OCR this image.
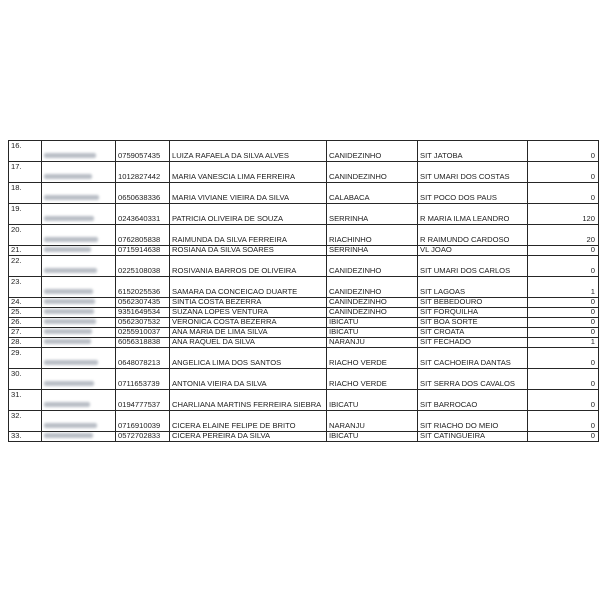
16.		0759057435	LUIZA RAFAELA DA SILVA ALVES	CANIDEZINHO	SIT JATOBA	0
17.		1012827442	MARIA VANESCIA LIMA FERREIRA	CANINDEZINHO	SIT UMARI DOS COSTAS	0
18.		0650638336	MARIA VIVIANE VIEIRA DA SILVA	CALABACA	SIT POCO DOS PAUS	0
19.		0243640331	PATRICIA OLIVEIRA DE SOUZA	SERRINHA	R MARIA ILMA LEANDRO	120
20.		0762805838	RAIMUNDA DA SILVA FERREIRA	RIACHINHO	R RAIMUNDO CARDOSO	20
21.		0715914638	ROSIANA DA SILVA SOARES	SERRINHA	VL JOAO	0
22.		0225108038	ROSIVANIA BARROS DE OLIVEIRA	CANIDEZINHO	SIT UMARI DOS CARLOS	0
23.		6152025536	SAMARA DA CONCEICAO DUARTE	CANIDEZINHO	SIT LAGOAS	1
24.		0562307435	SINTIA COSTA BEZERRA	CANINDEZINHO	SIT BEBEDOURO	0
25.		9351649534	SUZANA LOPES VENTURA	CANINDEZINHO	SIT FORQUILHA	0
26.		0562307532	VERONICA COSTA BEZERRA	IBICATU	SIT BOA SORTE	0
27.		0255910037	ANA MARIA DE LIMA SILVA	IBICATU	SIT CROATA	0
28.		6056318838	ANA RAQUEL DA SILVA	NARANJU	SIT FECHADO	1
29.		0648078213	ANGELICA LIMA DOS SANTOS	RIACHO VERDE	SIT CACHOEIRA DANTAS	0
30.		0711653739	ANTONIA VIEIRA DA SILVA	RIACHO VERDE	SIT SERRA DOS CAVALOS	0
31.		0194777537	CHARLIANA MARTINS FERREIRA SIEBRA	IBICATU	SIT BARROCAO	0
32.		0716910039	CICERA ELAINE FELIPE DE BRITO	NARANJU	SIT RIACHO DO MEIO	0
33.		0572702833	CICERA PEREIRA DA SILVA	IBICATU	SIT CATINGUEIRA	0
